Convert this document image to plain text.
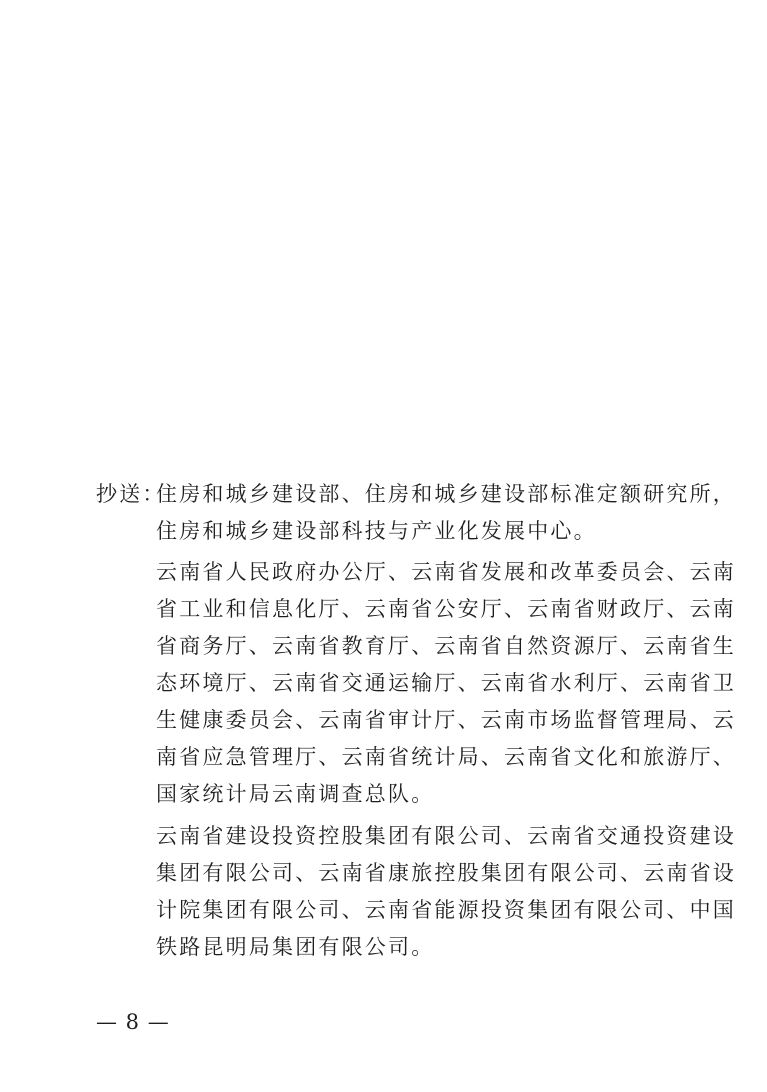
抄送：
住房和城乡建设部、住房和城乡建设部标准定额研究所，
住房和城乡建设部科技与产业化发展中心。
云南省人民政府办公厅、云南省发展和改革委员会、云南
省工业和信息化厅、云南省公安厅、云南省财政厅、云南
省商务厅、云南省教育厅、云南省自然资源厅、云南省生
态环境厅、云南省交通运输厅、云南省水利厅、云南省卫
生健康委员会、云南省审计厅、云南市场监督管理局、云
南省应急管理厅、云南省统计局、云南省文化和旅游厅、
国家统计局云南调查总队。
云南省建设投资控股集团有限公司、云南省交通投资建设
集团有限公司、云南省康旅控股集团有限公司、云南省设
计院集团有限公司、云南省能源投资集团有限公司、中国
铁路昆明局集团有限公司。
— 8 —
